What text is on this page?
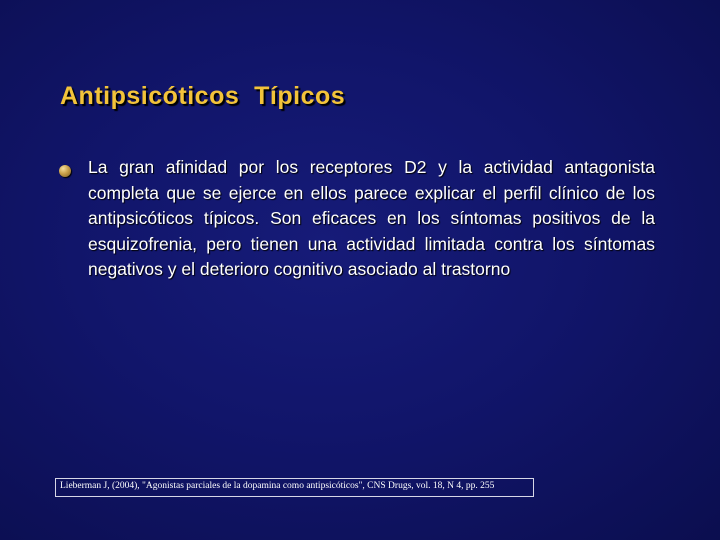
Antipsicóticos  Típicos
La gran afinidad por los receptores D2 y la actividad antagonista completa que se ejerce en ellos parece explicar el perfil clínico de los antipsicóticos típicos. Son eficaces en los síntomas positivos de la esquizofrenia, pero tienen una actividad limitada contra los síntomas negativos y el deterioro cognitivo asociado al trastorno
Lieberman J, (2004), "Agonistas parciales de la dopamina como antipsicóticos", CNS Drugs, vol. 18, N 4, pp. 255
